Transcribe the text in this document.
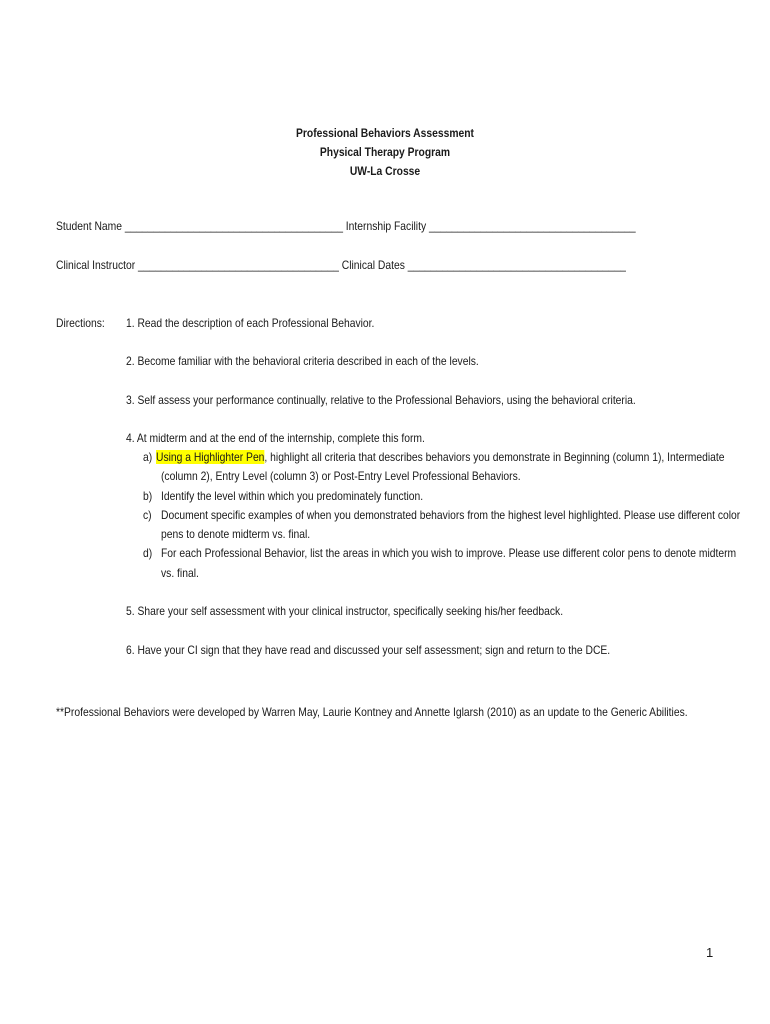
Professional Behaviors Assessment
Physical Therapy Program
UW-La Crosse
Student Name ______________________________________ Internship Facility ____________________________________
Clinical Instructor ___________________________________ Clinical Dates ______________________________________
Directions: 1. Read the description of each Professional Behavior.
2. Become familiar with the behavioral criteria described in each of the levels.
3. Self assess your performance continually, relative to the Professional Behaviors, using the behavioral criteria.
4. At midterm and at the end of the internship, complete this form.
a) Using a Highlighter Pen, highlight all criteria that describes behaviors you demonstrate in Beginning (column 1), Intermediate
(column 2), Entry Level (column 3) or Post-Entry Level Professional Behaviors.
b) Identify the level within which you predominately function.
c) Document specific examples of when you demonstrated behaviors from the highest level highlighted. Please use different color
pens to denote midterm vs. final.
d) For each Professional Behavior, list the areas in which you wish to improve. Please use different color pens to denote midterm
vs. final.
5. Share your self assessment with your clinical instructor, specifically seeking his/her feedback.
6. Have your CI sign that they have read and discussed your self assessment; sign and return to the DCE.
**Professional Behaviors were developed by Warren May, Laurie Kontney and Annette Iglarsh (2010) as an update to the Generic Abilities.
1
